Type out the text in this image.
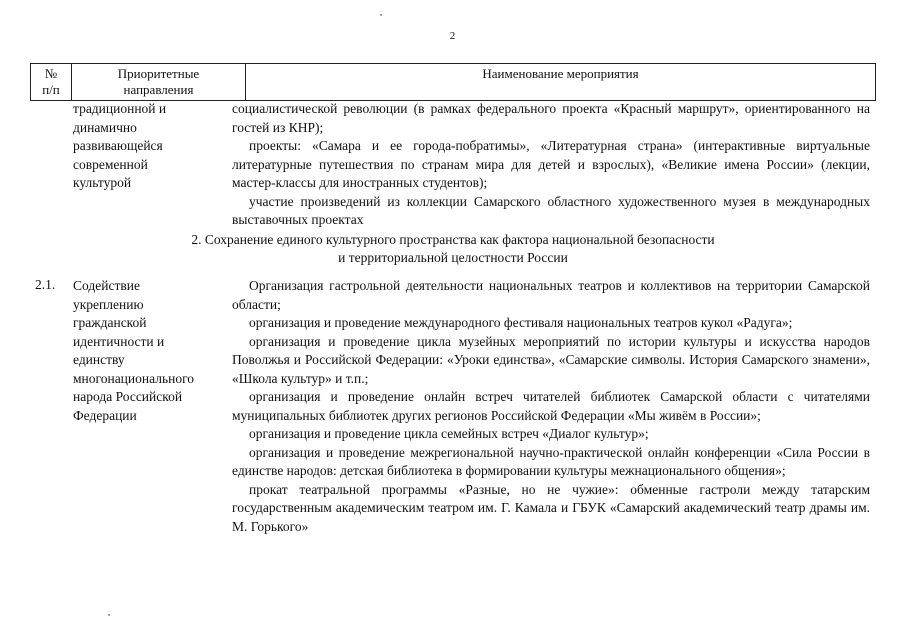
2
№
п/п
Приоритетные
направления
Наименование мероприятия
традиционной и
динамично
развивающейся
современной
культурой

социалистической революции (в рамках федерального проекта «Красный маршрут», ориентированного на гостей из КНР);

проекты: «Самара и ее города-побратимы», «Литературная страна» (интерактивные виртуальные литературные путешествия по странам мира для детей и взрослых), «Великие имена России» (лекции, мастер-классы для иностранных студентов);

участие произведений из коллекции Самарского областного художественного музея в международных выставочных проектах

2. Сохранение единого культурного пространства как фактора национальной безопасности
и территориальной целостности России
2.1. Содействие
укреплению
гражданской
идентичности и
единству
многонационального
народа Российской
Федерации

Организация гастрольной деятельности национальных театров и коллективов на территории Самарской области;

организация и проведение международного фестиваля национальных театров кукол «Радуга»;

организация и проведение цикла музейных мероприятий по истории культуры и искусства народов Поволжья и Российской Федерации: «Уроки единства», «Самарские символы. История Самарского знамени», «Школа культур» и т.п.;

организация и проведение онлайн встреч читателей библиотек Самарской области с читателями муниципальных библиотек других регионов Российской Федерации «Мы живём в России»;

организация и проведение цикла семейных встреч «Диалог культур»;

организация и проведение межрегиональной научно-практической онлайн конференции «Сила России в единстве народов: детская библиотека в формировании культуры межнационального общения»;

прокат театральной программы «Разные, но не чужие»: обменные гастроли между татарским государственным академическим театром им. Г. Камала и ГБУК «Самарский академический театр драмы им. М. Горького»
